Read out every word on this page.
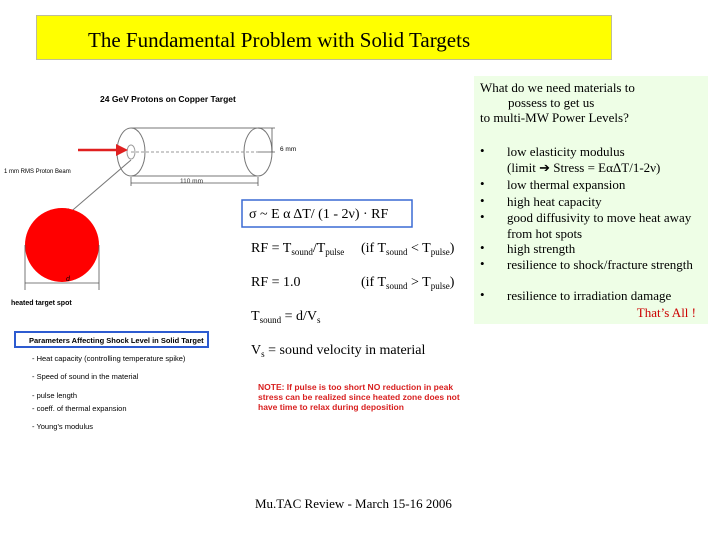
The Fundamental Problem with Solid Targets
24 GeV Protons on Copper Target
6 mm
110 mm
1 mm RMS Proton Beam
d
heated target spot
σ ~ E α ΔT/ (1 - 2ν) · RF
RF = $T_{sound}/T_{pulse}$ (if $T_{sound} < T_{pulse}$)
RF = 1.0	(if $T_{sound} > T_{pulse}$)
$T_{sound} = d/V_s$
$V_s$ = sound velocity in material
Parameters Affecting Shock Level in Solid Target
- Heat capacity (controlling temperature spike)
- Speed of sound in the material
- pulse length
- coeff. of thermal expansion
- Young's modulus
NOTE: If pulse is too short NO reduction in peak stress can be realized since heated zone does not have time to relax during deposition
What do we need materials to
possess to get us
to multi-MW Power Levels?
• low elasticity modulus
(limit ➔ Stress = EαΔT/1-2ν)
• low thermal expansion
• high heat capacity
• good diffusivity to move heat away from hot spots
• high strength
• resilience to shock/fracture strength
• resilience to irradiation damage
That’s All !
Mu.TAC Review - March 15-16 2006
